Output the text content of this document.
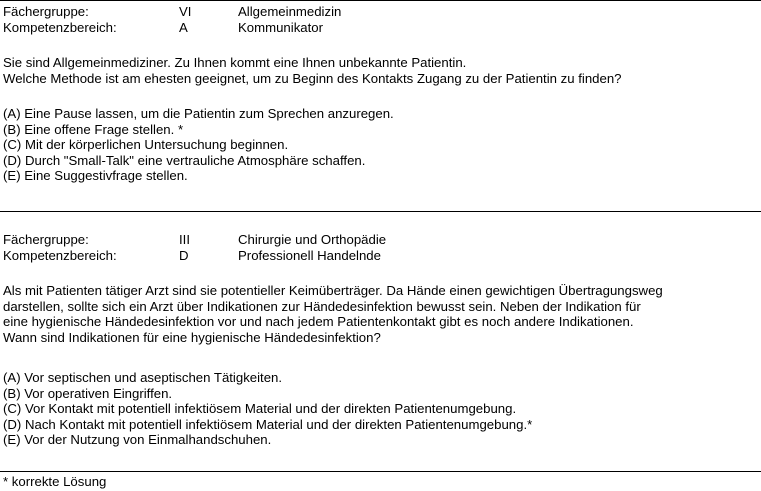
Fächergruppe:	VI	Allgemeinmedizin
Kompetenzbereich:	A	Kommunikator
Sie sind Allgemeinmediziner. Zu Ihnen kommt eine Ihnen unbekannte Patientin.
Welche Methode ist am ehesten geeignet, um zu Beginn des Kontakts Zugang zu der Patientin zu finden?
(A) Eine Pause lassen, um die Patientin zum Sprechen anzuregen.
(B) Eine offene Frage stellen. *
(C) Mit der körperlichen Untersuchung beginnen.
(D) Durch "Small-Talk" eine vertrauliche Atmosphäre schaffen.
(E) Eine Suggestivfrage stellen.
Fächergruppe:	III	Chirurgie und Orthopädie
Kompetenzbereich:	D	Professionell Handelnde
Als mit Patienten tätiger Arzt sind sie potentieller Keimüberträger. Da Hände einen gewichtigen Übertragungsweg
darstellen, sollte sich ein Arzt über Indikationen zur Händedesinfektion bewusst sein. Neben der Indikation für
eine hygienische Händedesinfektion vor und nach jedem Patientenkontakt gibt es noch andere Indikationen.
Wann sind Indikationen für eine hygienische Händedesinfektion?
(A) Vor septischen und aseptischen Tätigkeiten.
(B) Vor operativen Eingriffen.
(C) Vor Kontakt mit potentiell infektiösem Material und der direkten Patientenumgebung.
(D) Nach Kontakt mit potentiell infektiösem Material und der direkten Patientenumgebung.*
(E) Vor der Nutzung von Einmalhandschuhen.
* korrekte Lösung
